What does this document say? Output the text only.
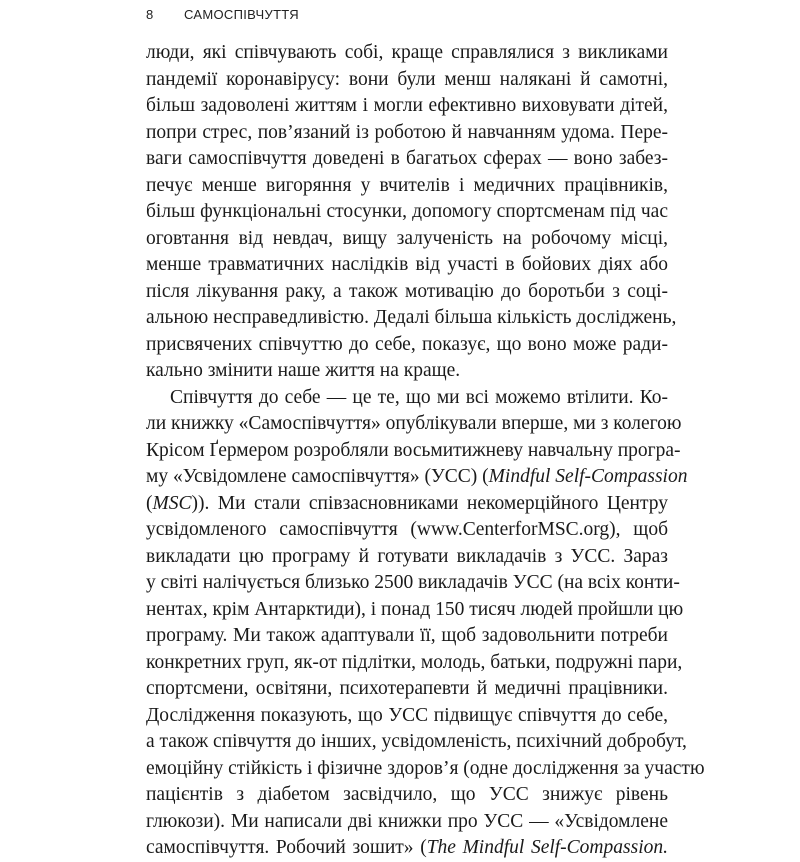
8	САМОСПІВЧУТТЯ
люди, які співчувають собі, краще справлялися з викликами
пандемії коронавірусу: вони були менш налякані й самотні,
більш задоволені життям і могли ефективно виховувати дітей,
попри стрес, пов’язаний із роботою й навчанням удома. Пере-
ваги самоспівчуття доведені в багатьох сферах — воно забез-
печує менше вигоряння у вчителів і медичних працівників,
більш функціональні стосунки, допомогу спортсменам під час
оговтання від невдач, вищу залученість на робочому місці,
менше травматичних наслідків від участі в бойових діях або
після лікування раку, а також мотивацію до боротьби з соці-
альною несправедливістю. Дедалі більша кількість досліджень,
присвячених співчуттю до себе, показує, що воно може ради-
кально змінити наше життя на краще.
Співчуття до себе — це те, що ми всі можемо втілити. Ко-
ли книжку «Самоспівчуття» опублікували вперше, ми з колегою
Крісом Ґермером розробляли восьмитижневу навчальну програ-
му «Усвідомлене самоспівчуття» (УСС) (Mindful Self-Compassion
(MSC)). Ми стали співзасновниками некомерційного Центру
усвідомленого самоспівчуття (www.CenterforMSC.org), щоб
викладати цю програму й готувати викладачів з УСС. Зараз
у світі налічується близько 2500 викладачів УСС (на всіх конти-
нентах, крім Антарктиди), і понад 150 тисяч людей пройшли цю
програму. Ми також адаптували її, щоб задовольнити потреби
конкретних груп, як-от підлітки, молодь, батьки, подружні пари,
спортсмени, освітяни, психотерапевти й медичні працівники.
Дослідження показують, що УСС підвищує співчуття до себе,
а також співчуття до інших, усвідомленість, психічний добробут,
емоційну стійкість і фізичне здоров’я (одне дослідження за участю
пацієнтів з діабетом засвідчило, що УСС знижує рівень
глюкози). Ми написали дві книжки про УСС — «Усвідомлене
самоспівчуття. Робочий зошит» (The Mindful Self-Compassion.
